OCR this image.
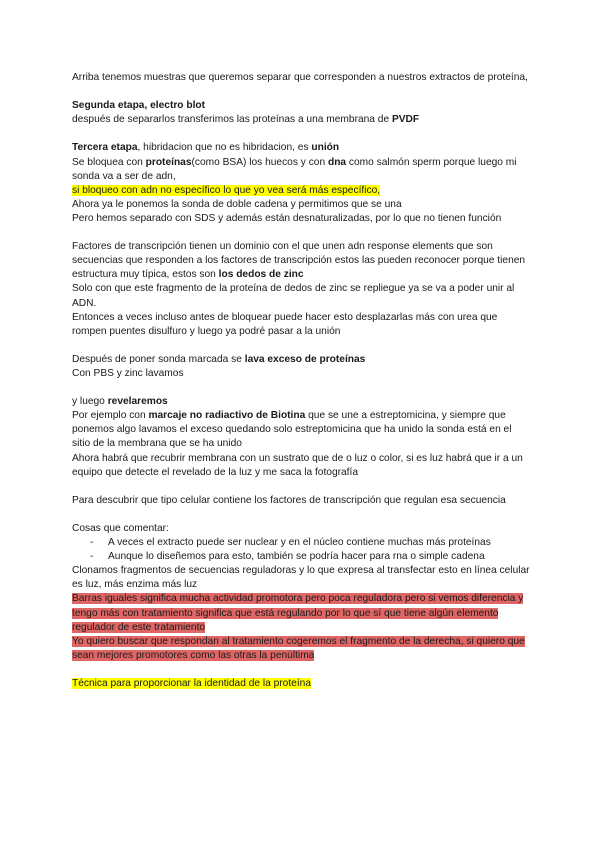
Arriba tenemos muestras que queremos separar que corresponden a nuestros extractos de proteína,

Segunda etapa, electro blot

después de separarlos transferimos las proteínas a una membrana de PVDF

Tercera etapa, hibridacion que no es hibridacion, es unión

Se bloquea con proteínas(como BSA) los huecos y con dna como salmón sperm porque luego mi sonda va a ser de adn,

si bloqueo con adn no específico lo que yo vea será más específico,

Ahora ya le ponemos la sonda de doble cadena y permitimos que se una

Pero hemos separado con SDS y además están desnaturalizadas, por lo que no tienen función

Factores de transcripción tienen un dominio con el que unen adn response elements que son secuencias que responden a los factores de transcripción estos las pueden reconocer porque tienen estructura muy típica, estos son los dedos de zinc

Solo con que este fragmento de la proteína de dedos de zinc se repliegue ya se va a poder unir al ADN.

Entonces a veces incluso antes de bloquear puede hacer esto desplazarlas más con urea que rompen puentes disulfuro y luego ya podré pasar a la unión

Después de poner sonda marcada se lava exceso de proteínas

Con PBS y zinc lavamos

y luego revelaremos

Por ejemplo con marcaje no radiactivo de Biotina que se une a estreptomicina, y siempre que ponemos algo lavamos el exceso quedando solo estreptomicina que ha unido la sonda está en el sitio de la membrana que se ha unido

Ahora habrá que recubrir membrana con un sustrato que de o luz o color, si es luz habrá que ir a un equipo que detecte el revelado de la luz y me saca la fotografía

Para descubrir que tipo celular contiene los factores de transcripción que regulan esa secuencia

Cosas que comentar:

- A veces el extracto puede ser nuclear y en el núcleo contiene muchas más proteínas
- Aunque lo diseñemos para esto, también se podría hacer para rna o simple cadena

Clonamos fragmentos de secuencias reguladoras y lo que expresa al transfectar esto en línea celular es luz, más enzima más luz

Barras iguales significa mucha actividad promotora pero poca reguladora pero si vemos diferencia y tengo más con tratamiento significa que está regulando por lo que sí que tiene algún elemento regulador de este tratamiento

Yo quiero buscar que respondan al tratamiento cogeremos el fragmento de la derecha, si quiero que sean mejores promotores como las otras la penúltima

Técnica para proporcionar la identidad de la proteína
